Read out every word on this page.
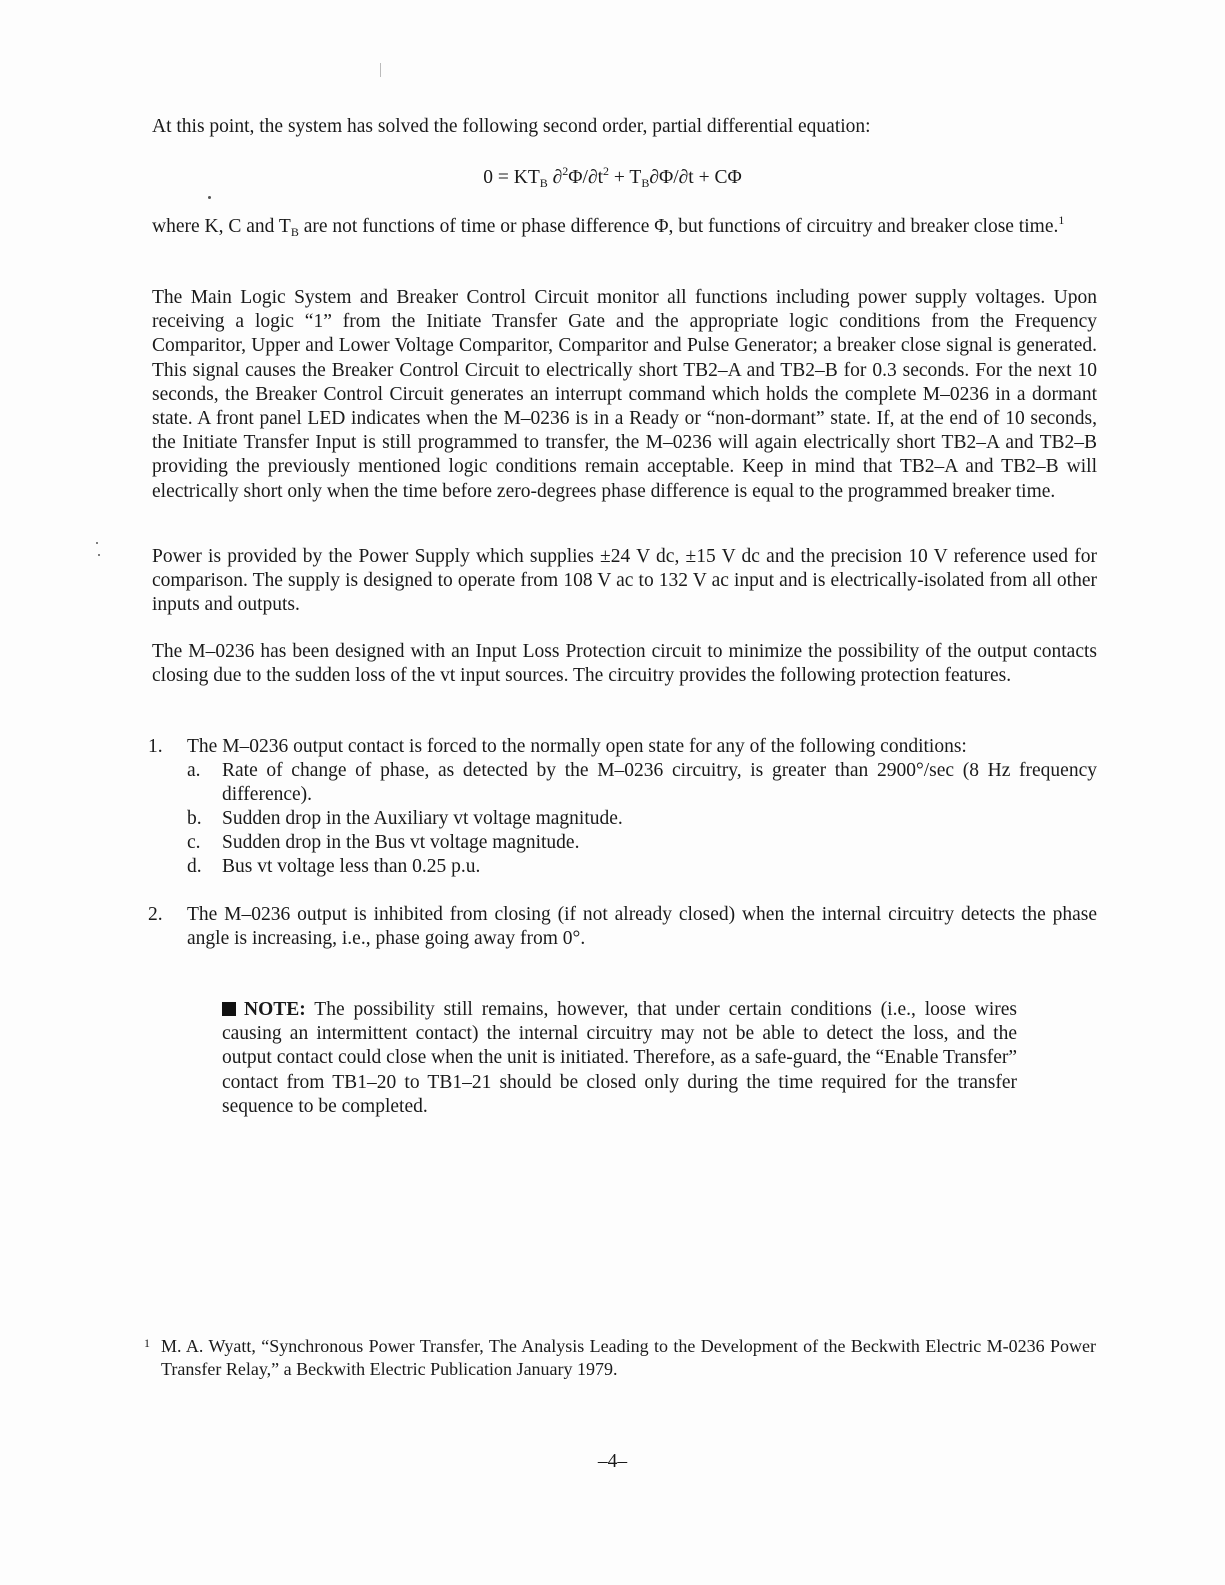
At this point, the system has solved the following second order, partial differential equation:

$0 = KT_B$ $\partial^2\Phi/\partial t^2 + T_B\partial\Phi/\partial t + C\Phi$

where K, C and $T_B$ are not functions of time or phase difference Φ, but functions of circuitry and breaker close time.$^1$

The Main Logic System and Breaker Control Circuit monitor all functions including power supply voltages. Upon receiving a logic “1” from the Initiate Transfer Gate and the appropriate logic conditions from the Frequency Comparitor, Upper and Lower Voltage Comparitor, Comparitor and Pulse Generator; a breaker close signal is generated. This signal causes the Breaker Control Circuit to electrically short TB2–A and TB2–B for 0.3 seconds. For the next 10 seconds, the Breaker Control Circuit generates an interrupt command which holds the complete M–0236 in a dormant state. A front panel LED indicates when the M–0236 is in a Ready or “non-dormant” state. If, at the end of 10 seconds, the Initiate Transfer Input is still programmed to transfer, the M–0236 will again electrically short TB2–A and TB2–B providing the previously mentioned logic conditions remain acceptable. Keep in mind that TB2–A and TB2–B will electrically short only when the time before zero-degrees phase difference is equal to the programmed breaker time.

Power is provided by the Power Supply which supplies ±24 V dc, ±15 V dc and the precision 10 V reference used for comparison. The supply is designed to operate from 108 V ac to 132 V ac input and is electrically-isolated from all other inputs and outputs.

The M–0236 has been designed with an Input Loss Protection circuit to minimize the possibility of the output contacts closing due to the sudden loss of the vt input sources. The circuitry provides the following protection features.

1.	The M–0236 output contact is forced to the normally open state for any of the following conditions:
a.	Rate of change of phase, as detected by the M–0236 circuitry, is greater than 2900°/sec (8 Hz frequency difference).
b.	Sudden drop in the Auxiliary vt voltage magnitude.
c.	Sudden drop in the Bus vt voltage magnitude.
d.	Bus vt voltage less than 0.25 p.u.
2.	The M–0236 output is inhibited from closing (if not already closed) when the internal circuitry detects the phase angle is increasing, i.e., phase going away from 0°.

NOTE: The possibility still remains, however, that under certain conditions (i.e., loose wires causing an intermittent contact) the internal circuitry may not be able to detect the loss, and the output contact could close when the unit is initiated. Therefore, as a safe-guard, the “Enable Transfer” contact from TB1–20 to TB1–21 should be closed only during the time required for the transfer sequence to be completed.

1 M. A. Wyatt, “Synchronous Power Transfer, The Analysis Leading to the Development of the Beckwith Electric M-0236 Power Transfer Relay,” a Beckwith Electric Publication January 1979.

–4–
